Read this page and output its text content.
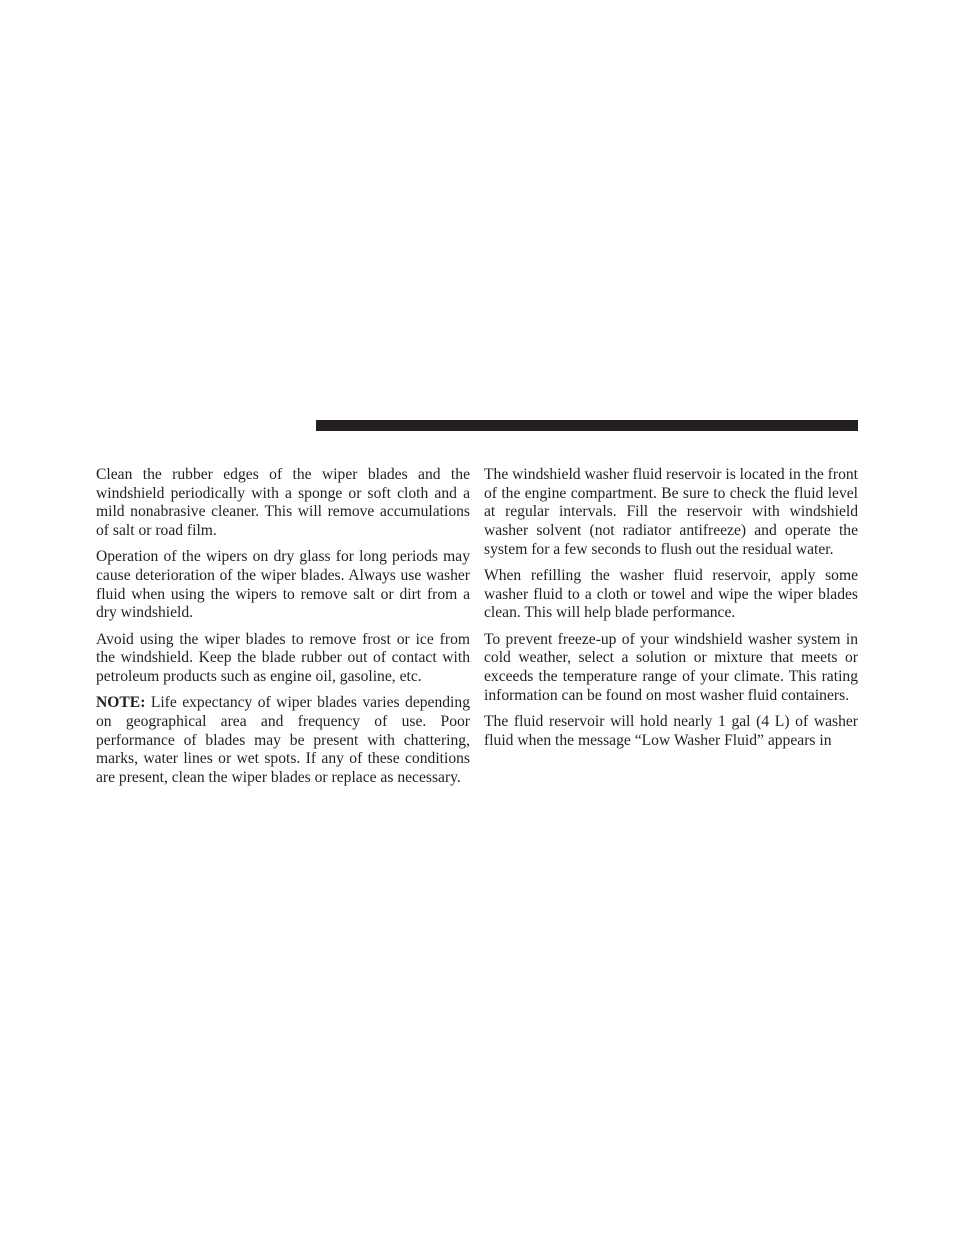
Clean the rubber edges of the wiper blades and the windshield periodically with a sponge or soft cloth and a mild nonabrasive cleaner. This will remove accumulations of salt or road film.

Operation of the wipers on dry glass for long periods may cause deterioration of the wiper blades. Always use washer fluid when using the wipers to remove salt or dirt from a dry windshield.

Avoid using the wiper blades to remove frost or ice from the windshield. Keep the blade rubber out of contact with petroleum products such as engine oil, gasoline, etc.

NOTE: Life expectancy of wiper blades varies depending on geographical area and frequency of use. Poor performance of blades may be present with chattering, marks, water lines or wet spots. If any of these conditions are present, clean the wiper blades or replace as necessary.

The windshield washer fluid reservoir is located in the front of the engine compartment. Be sure to check the fluid level at regular intervals. Fill the reservoir with windshield washer solvent (not radiator antifreeze) and operate the system for a few seconds to flush out the residual water.

When refilling the washer fluid reservoir, apply some washer fluid to a cloth or towel and wipe the wiper blades clean. This will help blade performance.

To prevent freeze-up of your windshield washer system in cold weather, select a solution or mixture that meets or exceeds the temperature range of your climate. This rating information can be found on most washer fluid containers.

The fluid reservoir will hold nearly 1 gal (4 L) of washer fluid when the message “Low Washer Fluid” appears in
